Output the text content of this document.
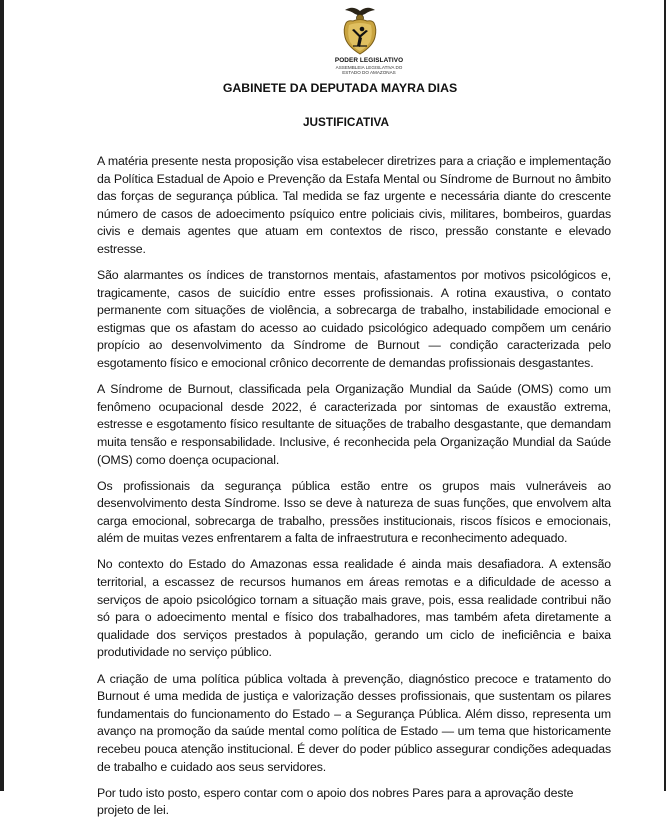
PODER LEGISLATIVO
ASSEMBLEIA LEGISLATIVA DO
ESTADO DO AMAZONAS
GABINETE DA DEPUTADA MAYRA DIAS
JUSTIFICATIVA

A matéria presente nesta proposição visa estabelecer diretrizes para a criação e implementação da Política Estadual de Apoio e Prevenção da Estafa Mental ou Síndrome de Burnout no âmbito das forças de segurança pública. Tal medida se faz urgente e necessária diante do crescente número de casos de adoecimento psíquico entre policiais civis, militares, bombeiros, guardas civis e demais agentes que atuam em contextos de risco, pressão constante e elevado estresse.

São alarmantes os índices de transtornos mentais, afastamentos por motivos psicológicos e, tragicamente, casos de suicídio entre esses profissionais. A rotina exaustiva, o contato permanente com situações de violência, a sobrecarga de trabalho, instabilidade emocional e estigmas que os afastam do acesso ao cuidado psicológico adequado compõem um cenário propício ao desenvolvimento da Síndrome de Burnout — condição caracterizada pelo esgotamento físico e emocional crônico decorrente de demandas profissionais desgastantes.

A Síndrome de Burnout, classificada pela Organização Mundial da Saúde (OMS) como um fenômeno ocupacional desde 2022, é caracterizada por sintomas de exaustão extrema, estresse e esgotamento físico resultante de situações de trabalho desgastante, que demandam muita tensão e responsabilidade. Inclusive, é reconhecida pela Organização Mundial da Saúde (OMS) como doença ocupacional.

Os profissionais da segurança pública estão entre os grupos mais vulneráveis ao desenvolvimento desta Síndrome. Isso se deve à natureza de suas funções, que envolvem alta carga emocional, sobrecarga de trabalho, pressões institucionais, riscos físicos e emocionais, além de muitas vezes enfrentarem a falta de infraestrutura e reconhecimento adequado.

No contexto do Estado do Amazonas essa realidade é ainda mais desafiadora. A extensão territorial, a escassez de recursos humanos em áreas remotas e a dificuldade de acesso a serviços de apoio psicológico tornam a situação mais grave, pois, essa realidade contribui não só para o adoecimento mental e físico dos trabalhadores, mas também afeta diretamente a qualidade dos serviços prestados à população, gerando um ciclo de ineficiência e baixa produtividade no serviço público.

A criação de uma política pública voltada à prevenção, diagnóstico precoce e tratamento do Burnout é uma medida de justiça e valorização desses profissionais, que sustentam os pilares fundamentais do funcionamento do Estado – a Segurança Pública. Além disso, representa um avanço na promoção da saúde mental como política de Estado — um tema que historicamente recebeu pouca atenção institucional. É dever do poder público assegurar condições adequadas de trabalho e cuidado aos seus servidores.

Por tudo isto posto, espero contar com o apoio dos nobres Pares para a aprovação deste projeto de lei.
